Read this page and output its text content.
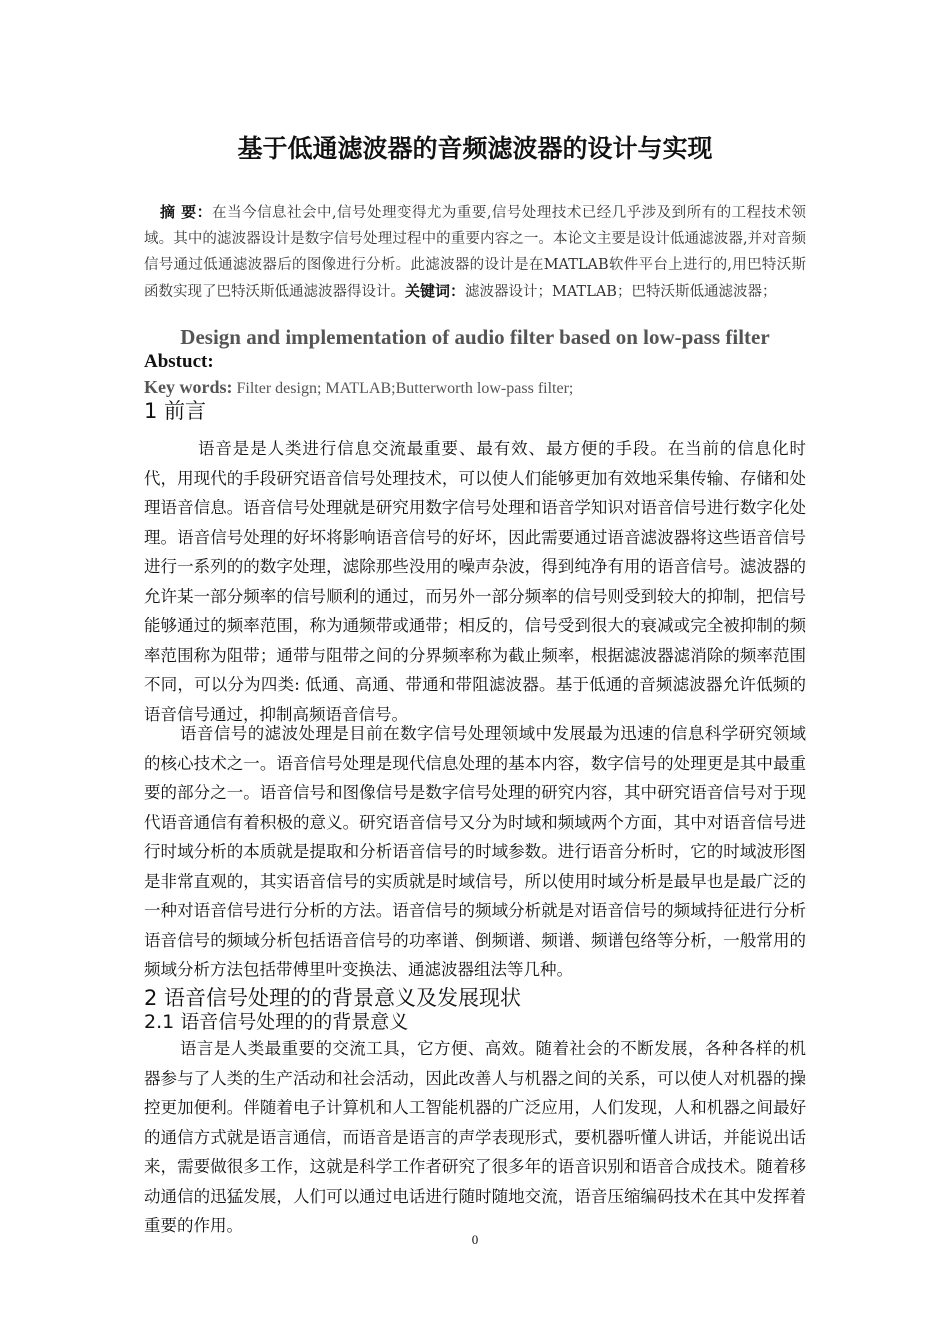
基于低通滤波器的音频滤波器的设计与实现
摘 要：在当今信息社会中,信号处理变得尤为重要,信号处理技术已经几乎涉及到所有的工程技术领域。其中的滤波器设计是数字信号处理过程中的重要内容之一。本论文主要是设计低通滤波器,并对音频信号通过低通滤波器后的图像进行分析。此滤波器的设计是在MATLAB软件平台上进行的,用巴特沃斯函数实现了巴特沃斯低通滤波器得设计。关键词：滤波器设计；MATLAB；巴特沃斯低通滤波器；
Design and implementation of audio filter based on low-pass filter
Abstuct:
Key words: Filter design; MATLAB;Butterworth low-pass filter;
1 前言
语音是是人类进行信息交流最重要、最有效、最方便的手段。在当前的信息化时代，用现代的手段研究语音信号处理技术，可以使人们能够更加有效地采集传输、存储和处理语音信息。语音信号处理就是研究用数字信号处理和语音学知识对语音信号进行数字化处理。语音信号处理的好坏将影响语音信号的好坏，因此需要通过语音滤波器将这些语音信号进行一系列的的数字处理，滤除那些没用的噪声杂波，得到纯净有用的语音信号。滤波器的允许某一部分频率的信号顺利的通过，而另外一部分频率的信号则受到较大的抑制，把信号能够通过的频率范围，称为通频带或通带；相反的，信号受到很大的衰减或完全被抑制的频率范围称为阻带；通带与阻带之间的分界频率称为截止频率，根据滤波器滤消除的频率范围不同，可以分为四类: 低通、高通、带通和带阻滤波器。基于低通的音频滤波器允许低频的语音信号通过，抑制高频语音信号。
语音信号的滤波处理是目前在数字信号处理领域中发展最为迅速的信息科学研究领域的核心技术之一。语音信号处理是现代信息处理的基本内容，数字信号的处理更是其中最重要的部分之一。语音信号和图像信号是数字信号处理的研究内容，其中研究语音信号对于现代语音通信有着积极的意义。研究语音信号又分为时域和频域两个方面，其中对语音信号进行时域分析的本质就是提取和分析语音信号的时域参数。进行语音分析时，它的时域波形图是非常直观的，其实语音信号的实质就是时域信号，所以使用时域分析是最早也是最广泛的一种对语音信号进行分析的方法。语音信号的频域分析就是对语音信号的频域持征进行分析语音信号的频域分析包括语音信号的功率谱、倒频谱、频谱、频谱包络等分析，一般常用的频域分析方法包括带傅里叶变换法、通滤波器组法等几种。
2 语音信号处理的的背景意义及发展现状
2.1 语音信号处理的的背景意义
语言是人类最重要的交流工具，它方便、高效。随着社会的不断发展，各种各样的机器参与了人类的生产活动和社会活动，因此改善人与机器之间的关系，可以使人对机器的操控更加便利。伴随着电子计算机和人工智能机器的广泛应用，人们发现，人和机器之间最好的通信方式就是语言通信，而语音是语言的声学表现形式，要机器听懂人讲话，并能说出话来，需要做很多工作，这就是科学工作者研究了很多年的语音识别和语音合成技术。随着移动通信的迅猛发展，人们可以通过电话进行随时随地交流，语音压缩编码技术在其中发挥着重要的作用。
0
